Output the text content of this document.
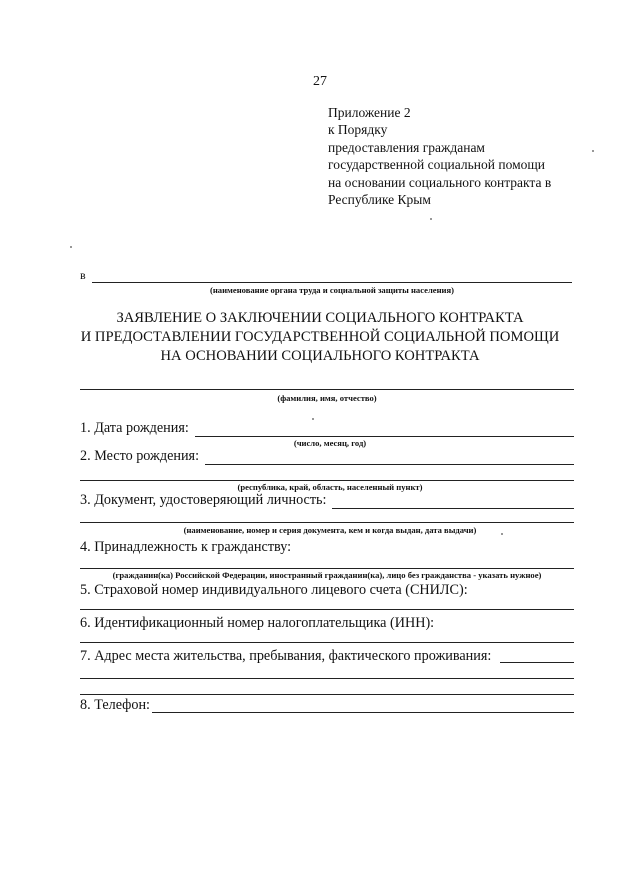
27
Приложение 2
к Порядку
предоставления гражданам
государственной социальной помощи
на основании социального контракта в
Республике Крым
в
(наименование органа труда и социальной защиты населения)
ЗАЯВЛЕНИЕ О ЗАКЛЮЧЕНИИ СОЦИАЛЬНОГО КОНТРАКТА
И ПРЕДОСТАВЛЕНИИ ГОСУДАРСТВЕННОЙ СОЦИАЛЬНОЙ ПОМОЩИ
НА ОСНОВАНИИ СОЦИАЛЬНОГО КОНТРАКТА
(фамилия, имя, отчество)
1. Дата рождения:
(число, месяц, год)
2. Место рождения:
(республика, край, область, населенный пункт)
3. Документ, удостоверяющий личность:
(наименование, номер и серия документа, кем и когда выдан, дата выдачи)
4. Принадлежность к гражданству:
(гражданин(ка) Российской Федерации, иностранный гражданин(ка), лицо без гражданства - указать нужное)
5. Страховой номер индивидуального лицевого счета (СНИЛС):
6. Идентификационный номер налогоплательщика (ИНН):
7. Адрес места жительства, пребывания, фактического проживания:
8. Телефон:
